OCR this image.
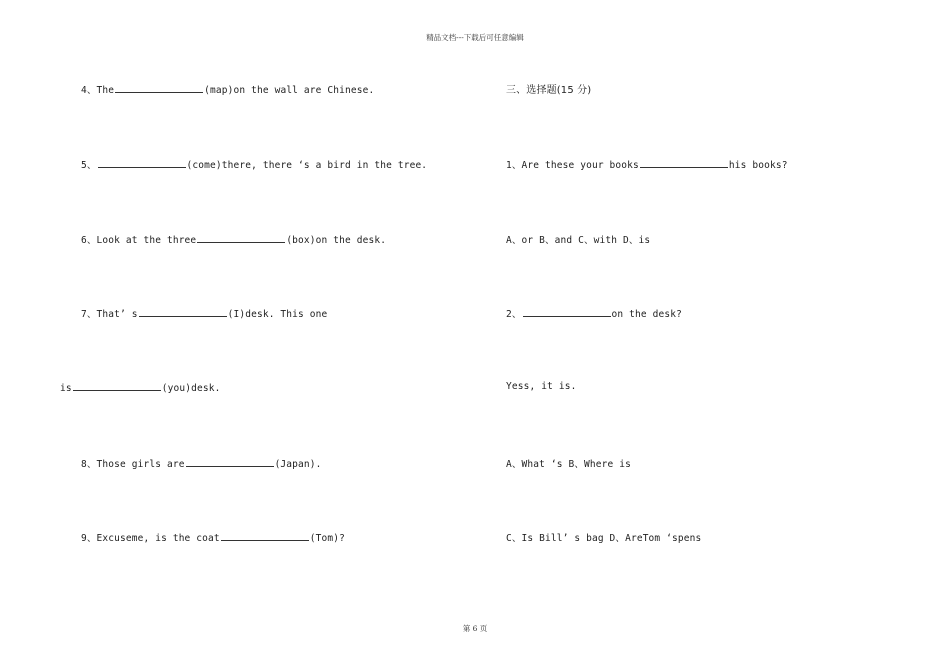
精品文档---下载后可任意编辑
4、The	(map)on the wall are Chinese.
5、	(come)there, there ‘s a bird in the tree.
6、Look at the three	(box)on the desk.
7、That’ s	(I)desk. This one
is	(you)desk.
8、Those girls are	(Japan).
9、Excuseme, is the coat	(Tom)?
三、选择题(15 分)
1、Are these your books	his books?
A、or B、and C、with D、is
2、	on the desk?
Yess, it is.
A、What ‘s B、Where is
C、Is Bill’ s bag D、AreTom ‘spens
第 6 页
